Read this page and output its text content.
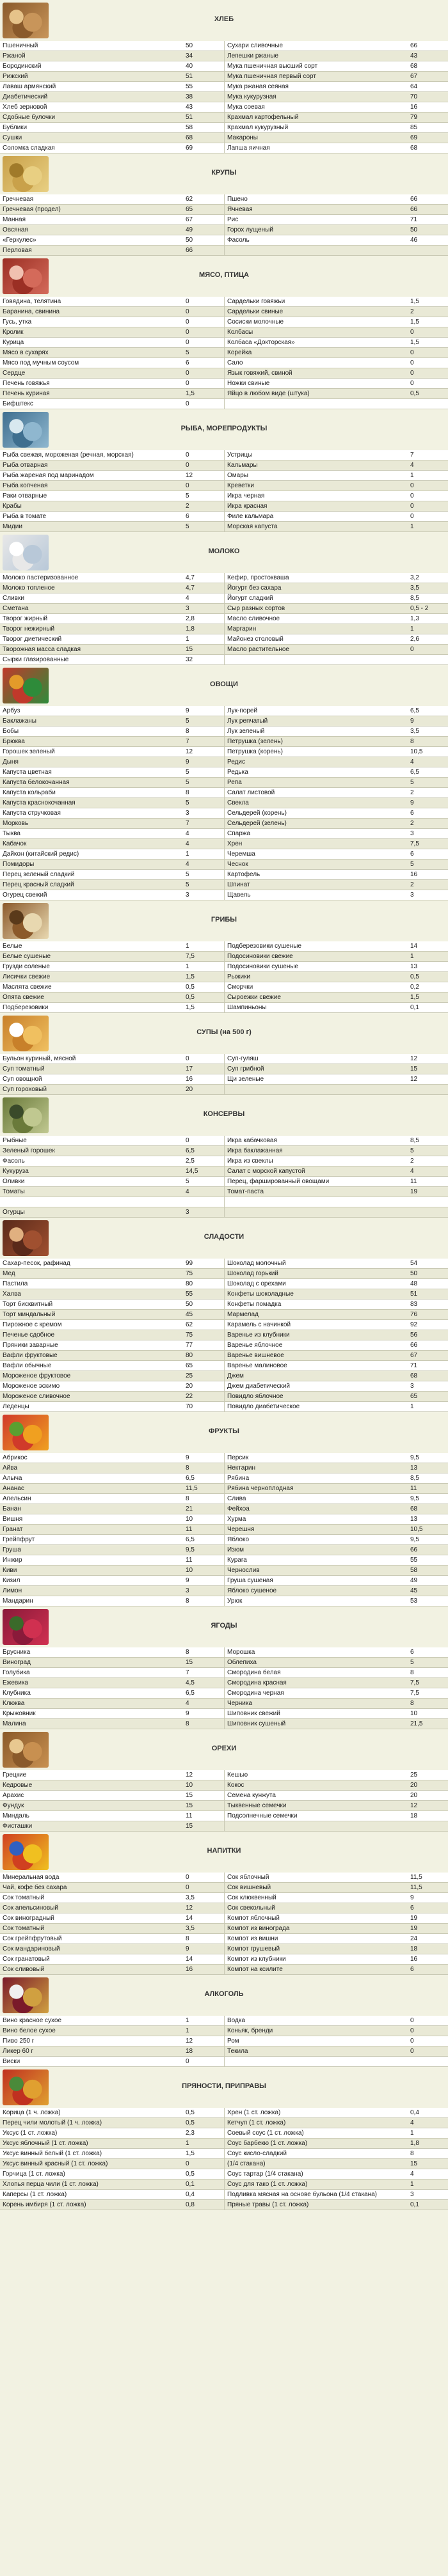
ХЛЕБ
Пшеничный	50	Сухари сливочные	66
Ржаной	34	Лепешки ржаные	43
Бородинский	40	Мука пшеничная высший сорт	68
Рижский	51	Мука пшеничная первый сорт	67
Лаваш армянский	55	Мука ржаная сеяная	64
Диабетический	38	Мука кукурузная	70
Хлеб зерновой	43	Мука соевая	16
Сдобные булочки	51	Крахмал картофельный	79
Бублики	58	Крахмал кукурузный	85
Сушки	68	Макароны	69
Соломка сладкая	69	Лапша яичная	68
КРУПЫ
Гречневая	62	Пшено	66
Гречневая (продел)	65	Ячневая	66
Манная	67	Рис	71
Овсяная	49	Горох лущеный	50
«Геркулес»	50	Фасоль	46
Перловая	66		
МЯСО, ПТИЦА
Говядина, телятина	0	Сардельки говяжьи	1,5
Баранина, свинина	0	Сардельки свиные	2
Гусь, утка	0	Сосиски молочные	1,5
Кролик	0	Колбасы	0
Курица	0	Колбаса «Докторская»	1,5
Мясо в сухарях	5	Корейка	0
Мясо под мучным соусом	6	Сало	0
Сердце	0	Язык говяжий, свиной	0
Печень говяжья	0	Ножки свиные	0
Печень куриная	1,5	Яйцо в любом виде (штука)	0,5
Бифштекс	0		
РЫБА, МОРЕПРОДУКТЫ
Рыба свежая, мороженая (речная, морская)	0	Устрицы	7
Рыба отварная	0	Кальмары	4
Рыба жареная под маринадом	12	Омары	1
Рыба копченая	0	Креветки	0
Раки отварные	5	Икра черная	0
Крабы	2	Икра красная	0
Рыба в томате	6	Филе кальмара	0
Мидии	5	Морская капуста	1
МОЛОКО
Молоко пастеризованное	4,7	Кефир, простокваша	3,2
Молоко топленое	4,7	Йогурт без сахара	3,5
Сливки	4	Йогурт сладкий	8,5
Сметана	3	Сыр разных сортов	0,5 - 2
Творог жирный	2,8	Масло сливочное	1,3
Творог нежирный	1,8	Маргарин	1
Творог диетический	1	Майонез столовый	2,6
Творожная масса сладкая	15	Масло растительное	0
Сырки глазированные	32		
ОВОЩИ
Арбуз	9	Лук-порей	6,5
Баклажаны	5	Лук репчатый	9
Бобы	8	Лук зеленый	3,5
Брюква	7	Петрушка (зелень)	8
Горошек зеленый	12	Петрушка (корень)	10,5
Дыня	9	Редис	4
Капуста цветная	5	Редька	6,5
Капуста белокочанная	5	Репа	5
Капуста кольраби	8	Салат листовой	2
Капуста краснокочанная	5	Свекла	9
Капуста стручковая	3	Сельдерей (корень)	6
Морковь	7	Сельдерей (зелень)	2
Тыква	4	Спаржа	3
Кабачок	4	Хрен	7,5
Дайкон (китайский редис)	1	Черемша	6
Помидоры	4	Чеснок	5
Перец зеленый сладкий	5	Картофель	16
Перец красный сладкий	5	Шпинат	2
Огурец свежий	3	Щавель	3
ГРИБЫ
Белые	1	Подберезовики сушеные	14
Белые сушеные	7,5	Подосиновики свежие	1
Грузди соленые	1	Подосиновики сушеные	13
Лисички свежие	1,5	Рыжики	0,5
Маслята свежие	0,5	Сморчки	0,2
Опята свежие	0,5	Сыроежки свежие	1,5
Подберезовики	1,5	Шампиньоны	0,1
СУПЫ (на 500 г)
Бульон куриный, мясной	0	Суп-гуляш	12
Суп томатный	17	Суп грибной	15
Суп овощной	16	Щи зеленые	12
Суп гороховый	20		
КОНСЕРВЫ
Рыбные	0	Икра кабачковая	8,5
Зеленый горошек	6,5	Икра баклажанная	5
Фасоль	2,5	Икра из свеклы	2
Кукуруза	14,5	Салат с морской капустой	4
Оливки	5	Перец, фаршированный овощами	11
Томаты	4	Томат-паста	19

Огурцы	3		
СЛАДОСТИ
Сахар-песок, рафинад	99	Шоколад молочный	54
Мед	75	Шоколад горький	50
Пастила	80	Шоколад с орехами	48
Халва	55	Конфеты шоколадные	51
Торт бисквитный	50	Конфеты помадка	83
Торт миндальный	45	Мармелад	76
Пирожное с кремом	62	Карамель с начинкой	92
Печенье сдобное	75	Варенье из клубники	56
Пряники заварные	77	Варенье яблочное	66
Вафли фруктовые	80	Варенье вишневое	67
Вафли обычные	65	Варенье малиновое	71
Мороженое фруктовое	25	Джем	68
Мороженое эскимо	20	Джем диабетический	3
Мороженое сливочное	22	Повидло яблочное	65
Леденцы	70	Повидло диабетическое	1
ФРУКТЫ
Абрикос	9	Персик	9,5
Айва	8	Нектарин	13
Алыча	6,5	Рябина	8,5
Ананас	11,5	Рябина черноплодная	11
Апельсин	8	Слива	9,5
Банан	21	Фейхоа	68
Вишня	10	Хурма	13
Гранат	11	Черешня	10,5
Грейпфрут	6,5	Яблоко	9,5
Груша	9,5	Изюм	66
Инжир	11	Курага	55
Киви	10	Чернослив	58
Кизил	9	Груша сушеная	49
Лимон	3	Яблоко сушеное	45
Мандарин	8	Урюк	53
ЯГОДЫ
Брусника	8	Морошка	6
Виноград	15	Облепиха	5
Голубика	7	Смородина белая	8
Ежевика	4,5	Смородина красная	7,5
Клубника	6,5	Смородина черная	7,5
Клюква	4	Черника	8
Крыжовник	9	Шиповник свежий	10
Малина	8	Шиповник сушеный	21,5
ОРЕХИ
Грецкие	12	Кешью	25
Кедровые	10	Кокос	20
Арахис	15	Семена кунжута	20
Фундук	15	Тыквенные семечки	12
Миндаль	11	Подсолнечные семечки	18
Фисташки	15		
НАПИТКИ
Минеральная вода	0	Сок яблочный	11,5
Чай, кофе без сахара	0	Сок вишневый	11,5
Сок томатный	3,5	Сок клюквенный	9
Сок апельсиновый	12	Сок свекольный	6
Сок виноградный	14	Компот яблочный	19
Сок томатный	3,5	Компот из винограда	19
Сок грейпфрутовый	8	Компот из вишни	24
Сок мандариновый	9	Компот грушевый	18
Сок гранатовый	14	Компот из клубники	16
Сок сливовый	16	Компот на ксилите	6
АЛКОГОЛЬ
Вино красное сухое	1	Водка	0
Вино белое сухое	1	Коньяк, бренди	0
Пиво 250 г	12	Ром	0
Ликер 60 г	18	Текила	0
Виски	0		
ПРЯНОСТИ, ПРИПРАВЫ
Корица (1 ч. ложка)	0,5	Хрен (1 ст. ложка)	0,4
Перец чили молотый (1 ч. ложка)	0,5	Кетчуп (1 ст. ложка)	4
Уксус (1 ст. ложка)	2,3	Соевый соус (1 ст. ложка)	1
Уксус яблочный (1 ст. ложка)	1	Соус барбекю (1 ст. ложка)	1,8
Уксус винный белый (1 ст. ложка)	1,5	Соус кисло-сладкий	8
Уксус винный красный (1 ст. ложка)	0	(1/4 стакана)	15
Горчица (1 ст. ложка)	0,5	Соус тартар (1/4 стакана)	4
Хлопья перца чили (1 ст. ложка)	0,1	Соус для тако (1 ст. ложка)	1
Каперсы (1 ст. ложка)	0,4	Подливка мясная на основе бульона (1/4 стакана)	3
Корень имбиря (1 ст. ложка)	0,8	Пряные травы (1 ст. ложка)	0,1
